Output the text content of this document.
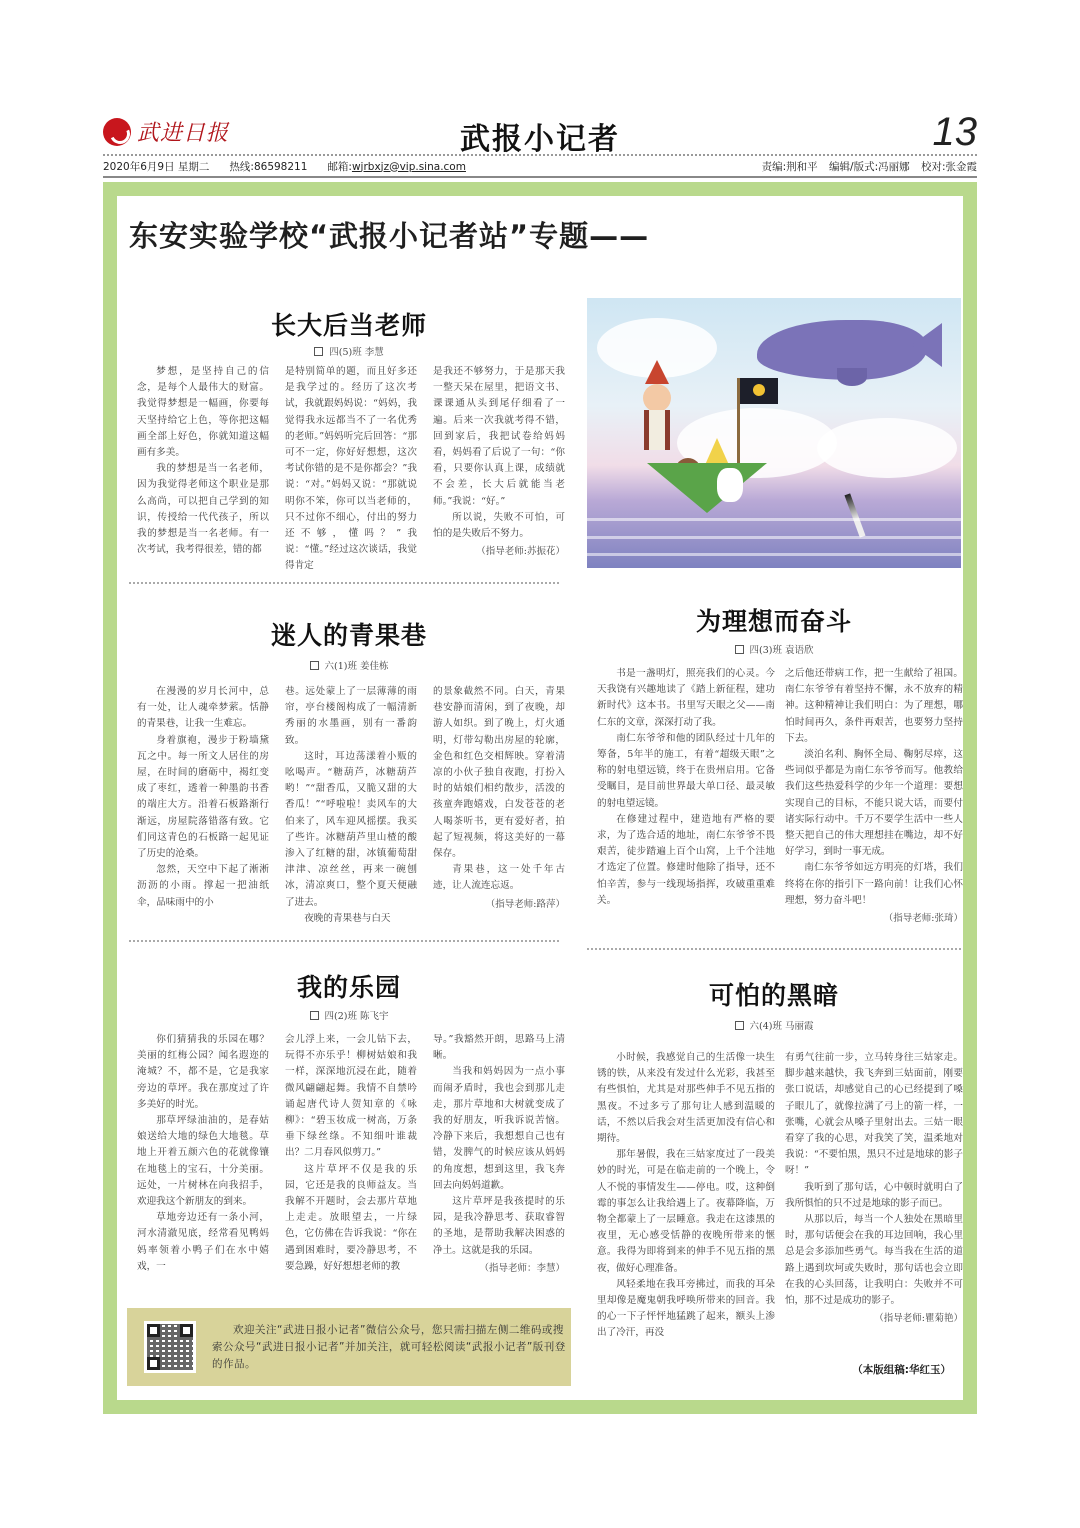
武进日报	武报小记者	13
2020年6月9日 星期二 热线:86598211 邮箱:wjrbxjz@vip.sina.com	责编:荆和平 编辑/版式:冯丽娜 校对:张金霞
东安实验学校“武报小记者站”专题——
长大后当老师
四(5)班 李慧

梦想，是坚持自己的信念，是每个人最伟大的财富。我觉得梦想是一幅画，你要每天坚持给它上色，等你把这幅画全部上好色，你就知道这幅画有多美。

我的梦想是当一名老师，因为我觉得老师这个职业是那么高尚，可以把自己学到的知识，传授给一代代孩子，所以我的梦想是当一名老师。有一次考试，我考得很差，错的都

是特别简单的题，而且好多还是我学过的。经历了这次考试，我就跟妈妈说：“妈妈，我觉得我永远都当不了一名优秀的老师。”妈妈听完后回答：“那可不一定，你好好想想，这次考试你错的是不是你都会？”我说：“对。”妈妈又说：“那就说明你不笨，你可以当老师的，只不过你不细心，付出的努力还不够，懂吗？”我说：“懂。”经过这次谈话，我觉得肯定

是我还不够努力，于是那天我一整天呆在屋里，把语文书、课课通从头到尾仔细看了一遍。后来一次我就考得不错，回到家后，我把试卷给妈妈看，妈妈看了后说了一句：“你看，只要你认真上课，成绩就不会差，长大后就能当老师。”我说：“好。”

所以说，失败不可怕，可怕的是失败后不努力。

（指导老师:苏振花）
迷人的青果巷
六(1)班 姜佳栋

在漫漫的岁月长河中，总有一处，让人魂牵梦萦。恬静的青果巷，让我一生难忘。

身着旗袍，漫步于粉墙黛瓦之中。每一所文人居住的房屋，在时间的磨砺中，褐红变成了枣红，透着一种墨韵书香的端庄大方。沿着石板路渐行渐远，房屋院落错落有致。它们同这青色的石板路一起见证了历史的沧桑。

忽然，天空中下起了淅淅沥沥的小雨。撑起一把油纸伞，品味雨中的小

巷。远处蒙上了一层薄薄的雨帘，亭台楼阁构成了一幅清新秀丽的水墨画，别有一番韵致。

这时，耳边荡漾着小贩的吆喝声。“糖葫芦，冰糖葫芦哟！”“甜香瓜，又脆又甜的大香瓜！”“呼啦啦！卖风车的大伯来了，风车迎风摇摆。我买了些许。冰糖葫芦里山楂的酸渗入了红糖的甜，冰镇葡萄甜津津、凉丝丝，再来一碗刨冰，清凉爽口，整个夏天便融了进去。

夜晚的青果巷与白天

的景象截然不同。白天，青果巷安静而清闲，到了夜晚，却游人如织。到了晚上，灯火通明，灯带勾勒出房屋的轮廓，金色和红色交相辉映。穿着清凉的小伙子独自夜跑，打扮入时的姑娘们相约散步，活泼的孩童奔跑嬉戏，白发苍苍的老人喝茶听书，更有爱好者，拍起了短视频，将这美好的一幕保存。

青果巷，这一处千年古迹，让人流连忘返。

（指导老师:路萍）
我的乐园
四(2)班 陈飞宇

你们猜猜我的乐园在哪？美丽的红梅公园？闻名遐迩的淹城？不，都不是，它是我家旁边的草坪。我在那度过了许多美好的时光。

那草坪绿油油的，是春姑娘送给大地的绿色大地毯。草地上开着五颜六色的花就像镶在地毯上的宝石，十分美丽。远处，一片树林在向我招手，欢迎我这个新朋友的到来。

草地旁边还有一条小河，河水清澈见底，经常看见鸭妈妈率领着小鸭子们在水中嬉戏，一

会儿浮上来，一会儿钻下去，玩得不亦乐乎！柳树姑娘和我一样，深深地沉浸在此，随着微风翩翩起舞。我情不自禁吟诵起唐代诗人贺知章的《咏柳》：“碧玉妆成一树高，万条垂下绿丝绦。不知细叶谁裁出？二月春风似剪刀。”

这片草坪不仅是我的乐园，它还是我的良师益友。当我解不开题时，会去那片草地上走走。放眼望去，一片绿色，它仿佛在告诉我说：“你在遇到困难时，要冷静思考，不要急躁，好好想想老师的教

导。”我豁然开朗，思路马上清晰。

当我和妈妈因为一点小事而闹矛盾时，我也会到那儿走走，那片草地和大树就变成了我的好朋友，听我诉说苦恼。冷静下来后，我想想自己也有错，发脾气的时候应该从妈妈的角度想，想到这里，我飞奔回去向妈妈道歉。

这片草坪是我孩提时的乐园，是我冷静思考、获取睿智的圣地，是帮助我解决困惑的净土。这就是我的乐园。

（指导老师：李慧）
为理想而奋斗
四(3)班 袁语欣

书是一盏明灯，照亮我们的心灵。今天我饶有兴趣地读了《踏上新征程，建功新时代》这本书。书里写天眼之父——南仁东的文章，深深打动了我。

南仁东爷爷和他的团队经过十几年的筹备，5年半的施工，有着“超级天眼”之称的射电望远镜，终于在贵州启用。它备受瞩目，是目前世界最大单口径、最灵敏的射电望远镜。

在修建过程中，建造地有严格的要求，为了选合适的地址，南仁东爷爷不畏艰苦，徒步踏遍上百个山窝，上千个洼地才选定了位置。修建时他除了指导，还不怕辛苦，参与一线现场指挥，攻破重重难关。

之后他还带病工作，把一生献给了祖国。南仁东爷爷有着坚持不懈，永不放弃的精神。这种精神让我们明白：为了理想，哪怕时间再久，条件再艰苦，也要努力坚持下去。

淡泊名利、胸怀全局、鞠躬尽瘁，这些词似乎都是为南仁东爷爷而写。他教给我们这些热爱科学的少年一个道理：要想实现自己的目标，不能只说大话，而要付诸实际行动中。千万不要学生活中一些人整天把自己的伟大理想挂在嘴边，却不好好学习，到时一事无成。

南仁东爷爷如远方明亮的灯塔，我们终将在你的指引下一路向前！让我们心怀理想，努力奋斗吧！

（指导老师:张琦）
可怕的黑暗
六(4)班 马丽霞

小时候，我感觉自己的生活像一块生锈的铁，从来没有发过什么光彩，我甚至有些惧怕，尤其是对那些伸手不见五指的黑夜。不过多亏了那句让人感到温暖的话，不然以后我会对生活更加没有信心和期待。

那年暑假，我在三姑家度过了一段美妙的时光，可是在临走前的一个晚上，令人不悦的事情发生——停电。哎，这种倒霉的事怎么让我给遇上了。夜幕降临，万物全都蒙上了一层睡意。我走在这漆黑的夜里，无心感受恬静的夜晚所带来的惬意。我得为即将到来的伸手不见五指的黑夜，做好心理准备。

风轻柔地在我耳旁拂过，而我的耳朵里却像是魔鬼朝我呼唤所带来的回音。我的心一下子怦怦地猛跳了起来，额头上渗出了冷汗，再没

有勇气往前一步，立马转身往三姑家走。脚步越来越快，我飞奔到三姑面前，刚要张口说话，却感觉自己的心已经提到了嗓子眼儿了，就像拉满了弓上的箭一样，一张嘴，心就会从嗓子里射出去。三姑一眼看穿了我的心思，对我笑了笑，温柔地对我说：“不要怕黑，黑只不过是地球的影子呀！”

我听到了那句话，心中顿时就明白了我所惧怕的只不过是地球的影子而已。

从那以后，每当一个人独处在黑暗里时，那句话便会在我的耳边回响，我心里总是会多添加些勇气。每当我在生活的道路上遇到坎坷或失败时，那句话也会立即在我的心头回荡，让我明白：失败并不可怕，那不过是成功的影子。

（指导老师:瞿菊艳）

欢迎关注“武进日报小记者”微信公众号，您只需扫描左侧二维码或搜索公众号“武进日报小记者”并加关注，就可轻松阅读“武报小记者”版刊登的作品。

（本版组稿:华红玉）
